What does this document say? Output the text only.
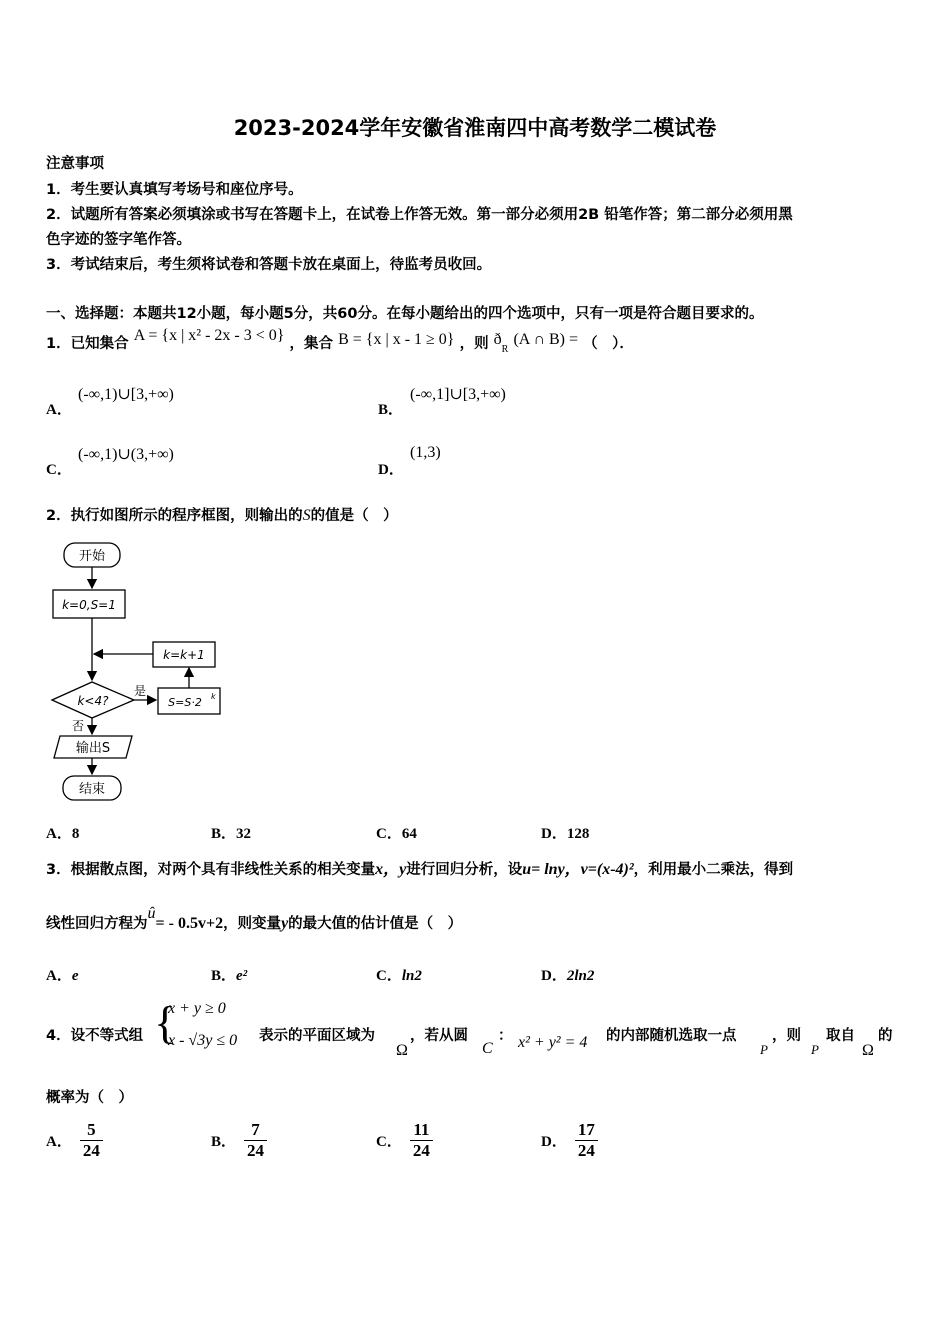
2023-2024学年安徽省淮南四中高考数学二模试卷
注意事项
1．考生要认真填写考场号和座位序号。
2．试题所有答案必须填涂或书写在答题卡上，在试卷上作答无效。第一部分必须用2B 铅笔作答；第二部分必须用黑
色字迹的签字笔作答。
3．考试结束后，考生须将试卷和答题卡放在桌面上，待监考员收回。
一、选择题：本题共12小题，每小题5分，共60分。在每小题给出的四个选项中，只有一项是符合题目要求的。
1．已知集合 A = {x | x² - 2x - 3 < 0} ，集合 B = {x | x - 1 ≥ 0} ，则 $ð_R$ (A ∩ B) = （　）．
A．
(-∞,1)∪[3,+∞)
B．
(-∞,1]∪[3,+∞)
C．
(-∞,1)∪(3,+∞)
D．
(1,3)
2．执行如图所示的程序框图，则输出的S的值是（　）
开始
k=0,S=1
k=k+1
k<4?
是
否
S=S·2 k
输出S
结束
A．8	B．32	C．64	D．128
3．根据散点图，对两个具有非线性关系的相关变量x，y进行回归分析，设u= lny，v=(x-4)²，利用最小二乘法，得到
线性回归方程为û= - 0.5v+2，则变量y的最大值的估计值是（　）
A．e	B．e²	C．ln2	D．2ln2
4．设不等式组 {
x + y ≥ 0
x - √3y ≤ 0 表示的平面区域为
Ω
，若从圆
C
： x² + y² = 4 的内部随机选取一点
P
，则
P
取自
Ω
的
概率为（　）
A． $\frac{5}{24}$	B． $\frac{7}{24}$	C． $\frac{11}{24}$	D． $\frac{17}{24}$
